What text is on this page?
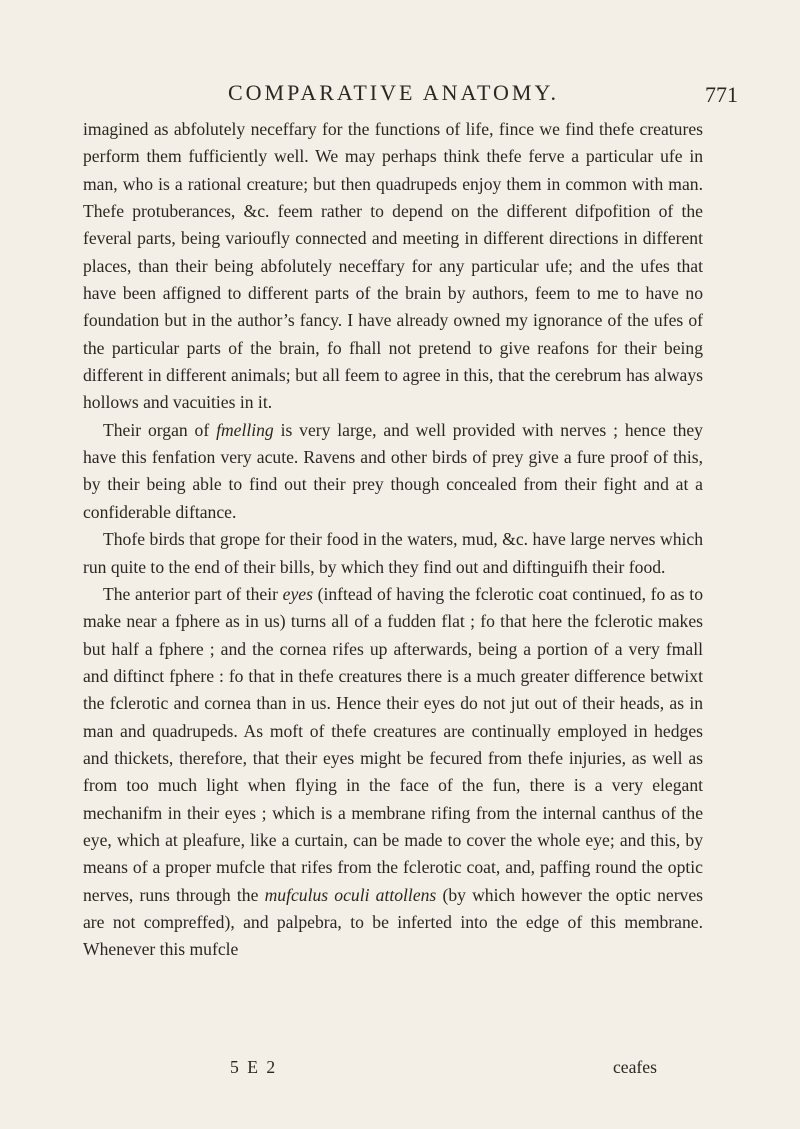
COMPARATIVE ANATOMY.	771

imagined as abfolutely neceffary for the functions of life, fince we find thefe creatures perform them fufficiently well. We may perhaps think thefe ferve a particular ufe in man, who is a rational creature; but then quadrupeds enjoy them in common with man. Thefe protuberances, &c. feem rather to depend on the different difpofition of the feveral parts, being varioufly connected and meeting in different directions in different places, than their being abfolutely neceffary for any particular ufe; and the ufes that have been affigned to different parts of the brain by authors, feem to me to have no foundation but in the author’s fancy. I have already owned my ignorance of the ufes of the particular parts of the brain, fo fhall not pretend to give reafons for their being different in different animals; but all feem to agree in this, that the cerebrum has always hollows and vacuities in it.

Their organ of fmelling is very large, and well provided with nerves ; hence they have this fenfation very acute. Ravens and other birds of prey give a fure proof of this, by their being able to find out their prey though concealed from their fight and at a confiderable diftance.

Thofe birds that grope for their food in the waters, mud, &c. have large nerves which run quite to the end of their bills, by which they find out and diftinguifh their food.

The anterior part of their eyes (inftead of having the fclerotic coat continued, fo as to make near a fphere as in us) turns all of a fudden flat ; fo that here the fclerotic makes but half a fphere ; and the cornea rifes up afterwards, being a portion of a very fmall and diftinct fphere : fo that in thefe creatures there is a much greater difference betwixt the fclerotic and cornea than in us. Hence their eyes do not jut out of their heads, as in man and quadrupeds. As moft of thefe creatures are continually employed in hedges and thickets, therefore, that their eyes might be fecured from thefe injuries, as well as from too much light when flying in the face of the fun, there is a very elegant mechanifm in their eyes ; which is a membrane rifing from the internal canthus of the eye, which at pleafure, like a curtain, can be made to cover the whole eye; and this, by means of a proper mufcle that rifes from the fclerotic coat, and, paffing round the optic nerves, runs through the mufculus oculi attollens (by which however the optic nerves are not compreffed), and palpebra, to be inferted into the edge of this membrane. Whenever this mufcle

5 E 2	ceafes
